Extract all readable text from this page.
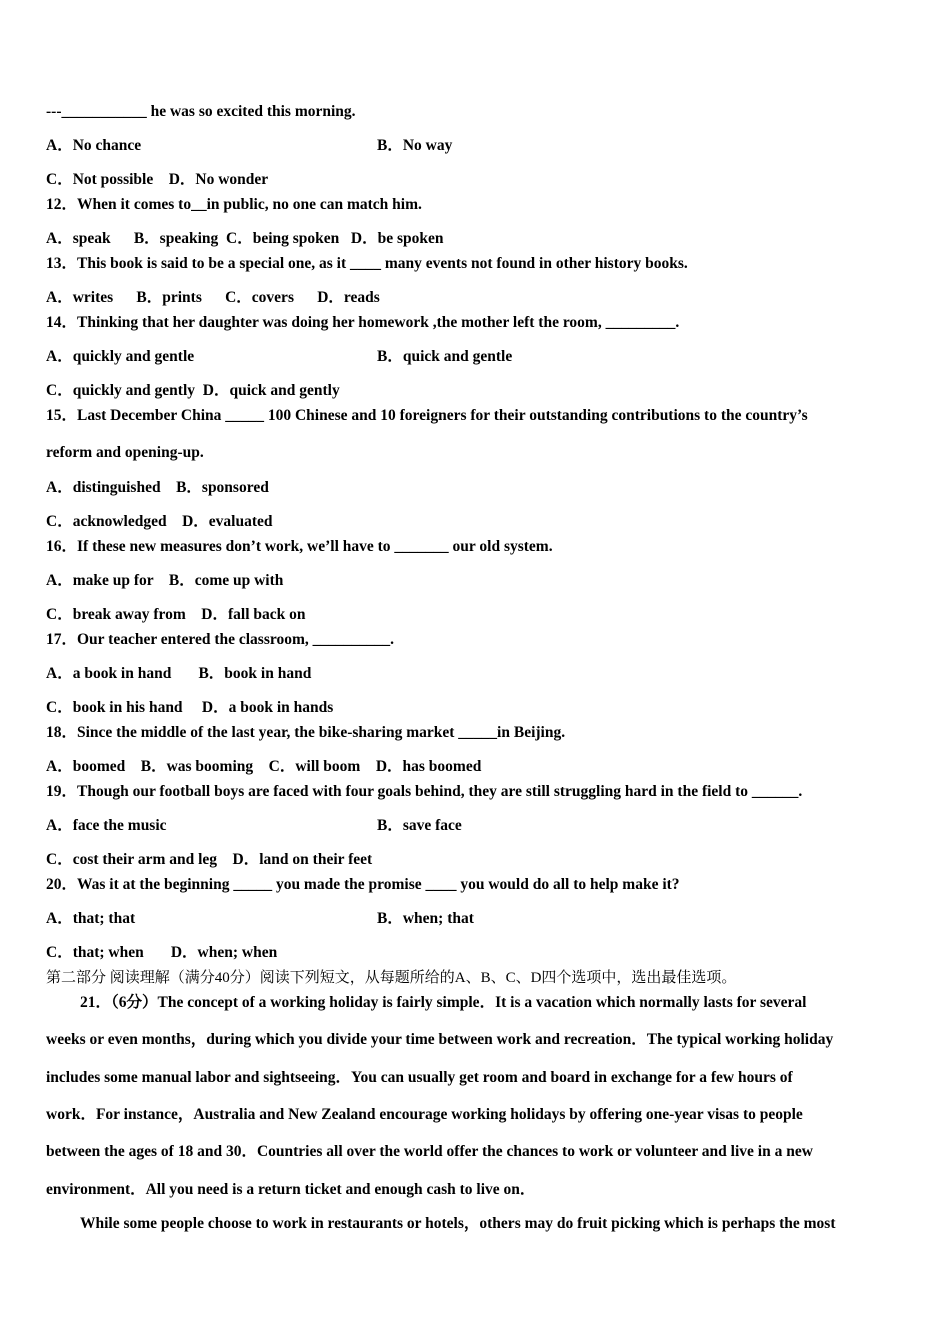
---___________ he was so excited this morning.
A．No chance	B．No way
C．Not possible    D．No wonder
12．When it comes to__in public, no one can match him.
A．speak      B．speaking  C．being spoken   D．be spoken
13．This book is said to be a special one, as it ____ many events not found in other history books.
A．writes      B．prints      C．covers      D．reads
14．Thinking that her daughter was doing her homework ,the mother left the room, _________.
A．quickly and gentle	B．quick and gentle
C．quickly and gently  D．quick and gently
15．Last December China _____ 100 Chinese and 10 foreigners for their outstanding contributions to the country’s
reform and opening-up.
A．distinguished    B．sponsored
C．acknowledged    D．evaluated
16．If these new measures don’t work, we’ll have to _______ our old system.
A．make up for    B．come up with
C．break away from    D．fall back on
17．Our teacher entered the classroom, __________.
A．a book in hand       B．book in hand
C．book in his hand     D．a book in hands
18．Since the middle of the last year, the bike-sharing market _____in Beijing.
A．boomed    B．was booming    C．will boom    D．has boomed
19．Though our football boys are faced with four goals behind, they are still struggling hard in the field to ______.
A．face the music	B．save face
C．cost their arm and leg    D．land on their feet
20．Was it at the beginning _____ you made the promise ____ you would do all to help make it?
A．that; that	B．when; that
C．that; when       D．when; when
第二部分 阅读理解（满分40分）阅读下列短文，从每题所给的A、B、C、D四个选项中，选出最佳选项。
21．（6分）The concept of a working holiday is fairly simple．It is a vacation which normally lasts for several
weeks or even months，during which you divide your time between work and recreation．The typical working holiday
includes some manual labor and sightseeing．You can usually get room and board in exchange for a few hours of
work．For instance，Australia and New Zealand encourage working holidays by offering one-year visas to people
between the ages of 18 and 30．Countries all over the world offer the chances to work or volunteer and live in a new
environment．All you need is a return ticket and enough cash to live on．
While some people choose to work in restaurants or hotels，others may do fruit picking which is perhaps the most
